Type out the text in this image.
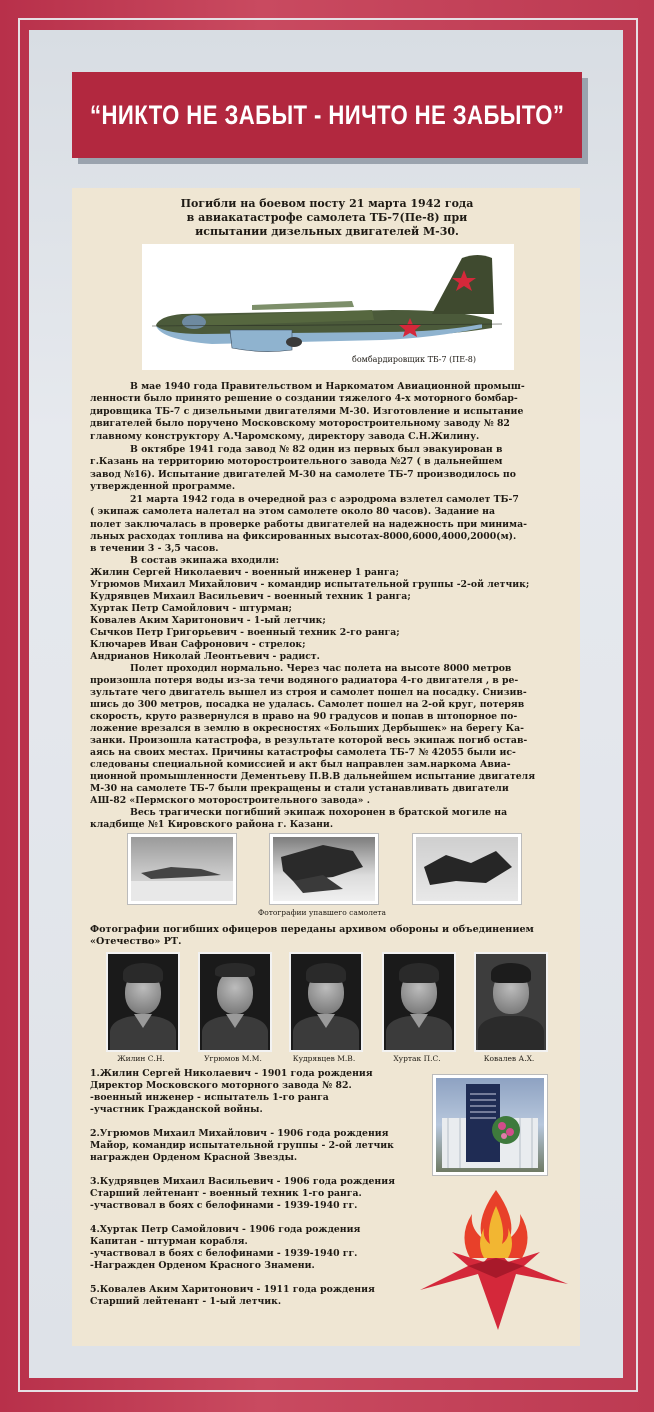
“НИКТО НЕ ЗАБЫТ - НИЧТО НЕ ЗАБЫТО”
Погибли на боевом посту 21 марта 1942 года
в авиакатастрофе самолета ТБ-7(Пе-8) при
испытании дизельных двигателей М-30.
бомбардировщик ТБ-7 (ПЕ-8)
В мае 1940 года Правительством и Наркоматом Авиационной промыш-
ленности было принято решение о создании тяжелого 4-х моторного бомбар-
дировщика ТБ-7 с дизельными двигателями М-30. Изготовление и испытание
двигателей было поручено Московскому моторостроительному заводу № 82
главному конструктору А.Чаромскому, директору завода С.Н.Жилину.
В октябре 1941 года завод № 82 один из первых был эвакуирован в
г.Казань на территорию моторостроительного завода №27 ( в дальнейшем
завод №16). Испытание двигателей М-30 на самолете ТБ-7 производилось по
утвержденной программе.
21 марта 1942 года в очередной раз с аэродрома взлетел самолет ТБ-7
( экипаж самолета налетал на этом самолете около 80 часов). Задание на
полет заключалась в проверке работы двигателей на надежность при минима-
льных расходах топлива на фиксированных высотах-8000,6000,4000,2000(м).
в течении 3 - 3,5 часов.
В состав экипажа входили:
Жилин Сергей Николаевич - военный инженер 1 ранга;
Угрюмов Михаил Михайлович - командир испытательной группы -2-ой летчик;
Кудрявцев Михаил Васильевич - военный техник 1 ранга;
Хуртак Петр Самойлович - штурман;
Ковалев Аким Харитонович - 1-ый летчик;
Сычков Петр Григорьевич - военный техник 2-го ранга;
Ключарев Иван Сафронович - стрелок;
Андрианов Николай Леонтьевич - радист.
Полет проходил нормально. Через час полета на высоте 8000 метров
произошла потеря воды из-за течи водяного радиатора 4-го двигателя , в ре-
зультате чего двигатель вышел из строя и самолет пошел на посадку. Снизив-
шись до 300 метров, посадка не удалась. Самолет пошел на 2-ой круг, потеряв
скорость, круто развернулся в право на 90 градусов и попав в штопорное по-
ложение врезался в землю в окресностях «Больших Дербышек» на берегу Ка-
занки. Произошла катастрофа, в результате которой весь экипаж погиб остав-
аясь на своих местах. Причины катастрофы самолета ТБ-7 № 42055 были ис-
следованы специальной комиссией и акт был направлен зам.наркома Авиа-
ционной промышленности Дементьеву П.В.В дальнейшем испытание двигателя
М-30 на самолете ТБ-7 были прекращены и стали устанавливать двигатели
АШ-82 «Пермского моторостроительного завода» .
Весь трагически погибший экипаж похоронен в братской могиле на
кладбище №1 Кировского района г. Казани.
Фотографии упавшего самолета
Фотографии погибших офицеров переданы архивом обороны и объединением
«Отечество» РТ.
Жилин С.Н.	Угрюмов М.М.	Кудрявцев М.В.	Хуртак П.С.	Ковалев А.Х.
1.Жилин Сергей Николаевич - 1901 года рождения
Директор Московского моторного завода № 82.
-военный инженер - испытатель 1-го ранга
-участник Гражданской войны.
2.Угрюмов Михаил Михайлович - 1906 года рождения
Майор, командир испытательной группы - 2-ой летчик
награжден Орденом Красной Звезды.
3.Кудрявцев Михаил Васильевич - 1906 года рождения
Старший лейтенант - военный техник 1-го ранга.
-участвовал в боях с белофинами - 1939-1940 гг.
4.Хуртак Петр Самойлович - 1906 года рождения
Капитан - штурман корабля.
-участвовал в боях с белофинами - 1939-1940 гг.
-Награжден Орденом Красного Знамени.
5.Ковалев Аким Харитонович - 1911 года рождения
Старший лейтенант - 1-ый летчик.
